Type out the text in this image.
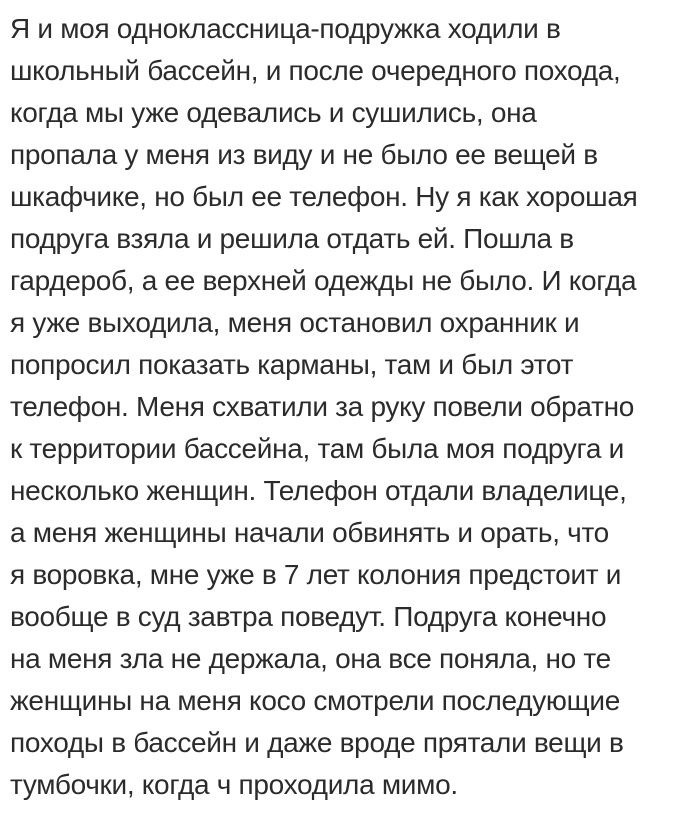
Я и моя одноклассница-подружка ходили в
школьный бассейн, и после очередного похода,
когда мы уже одевались и сушились, она
пропала у меня из виду и не было ее вещей в
шкафчике, но был ее телефон. Ну я как хорошая
подруга взяла и решила отдать ей. Пошла в
гардероб, а ее верхней одежды не было. И когда
я уже выходила, меня остановил охранник и
попросил показать карманы, там и был этот
телефон. Меня схватили за руку повели обратно
к территории бассейна, там была моя подруга и
несколько женщин. Телефон отдали владелице,
а меня женщины начали обвинять и орать, что
я воровка, мне уже в 7 лет колония предстоит и
вообще в суд завтра поведут. Подруга конечно
на меня зла не держала, она все поняла, но те
женщины на меня косо смотрели последующие
походы в бассейн и даже вроде прятали вещи в
тумбочки, когда ч проходила мимо.
